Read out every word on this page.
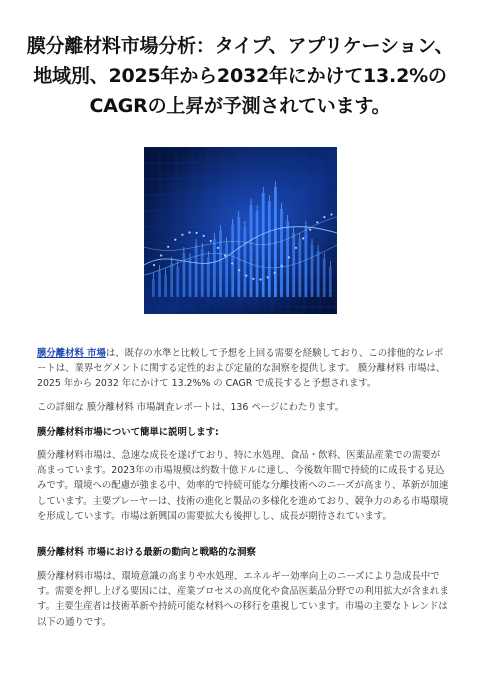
膜分離材料市場分析：タイプ、アプリケーション、地域別、2025年から2032年にかけて13.2%のCAGRの上昇が予測されています。

膜分離材料 市場は、既存の水準と比較して予想を上回る需要を経験しており、この排他的なレポートは、業界セグメントに関する定性的および定量的な洞察を提供します。 膜分離材料 市場は、2025 年から 2032 年にかけて 13.2%% の CAGR で成長すると予想されます。

この詳細な 膜分離材料 市場調査レポートは、136 ページにわたります。

膜分離材料市場について簡単に説明します:

膜分離材料市場は、急速な成長を遂げており、特に水処理、食品・飲料、医薬品産業での需要が高まっています。2023年の市場規模は約数十億ドルに達し、今後数年間で持続的に成長する見込みです。環境への配慮が強まる中、効率的で持続可能な分離技術へのニーズが高まり、革新が加速しています。主要プレーヤーは、技術の進化と製品の多様化を進めており、競争力のある市場環境を形成しています。市場は新興国の需要拡大も後押しし、成長が期待されています。

膜分離材料 市場における最新の動向と戦略的な洞察

膜分離材料市場は、環境意識の高まりや水処理、エネルギー効率向上のニーズにより急成長中です。需要を押し上げる要因には、産業プロセスの高度化や食品医薬品分野での利用拡大が含まれます。主要生産者は技術革新や持続可能な材料への移行を重視しています。市場の主要なトレンドは以下の通りです。
